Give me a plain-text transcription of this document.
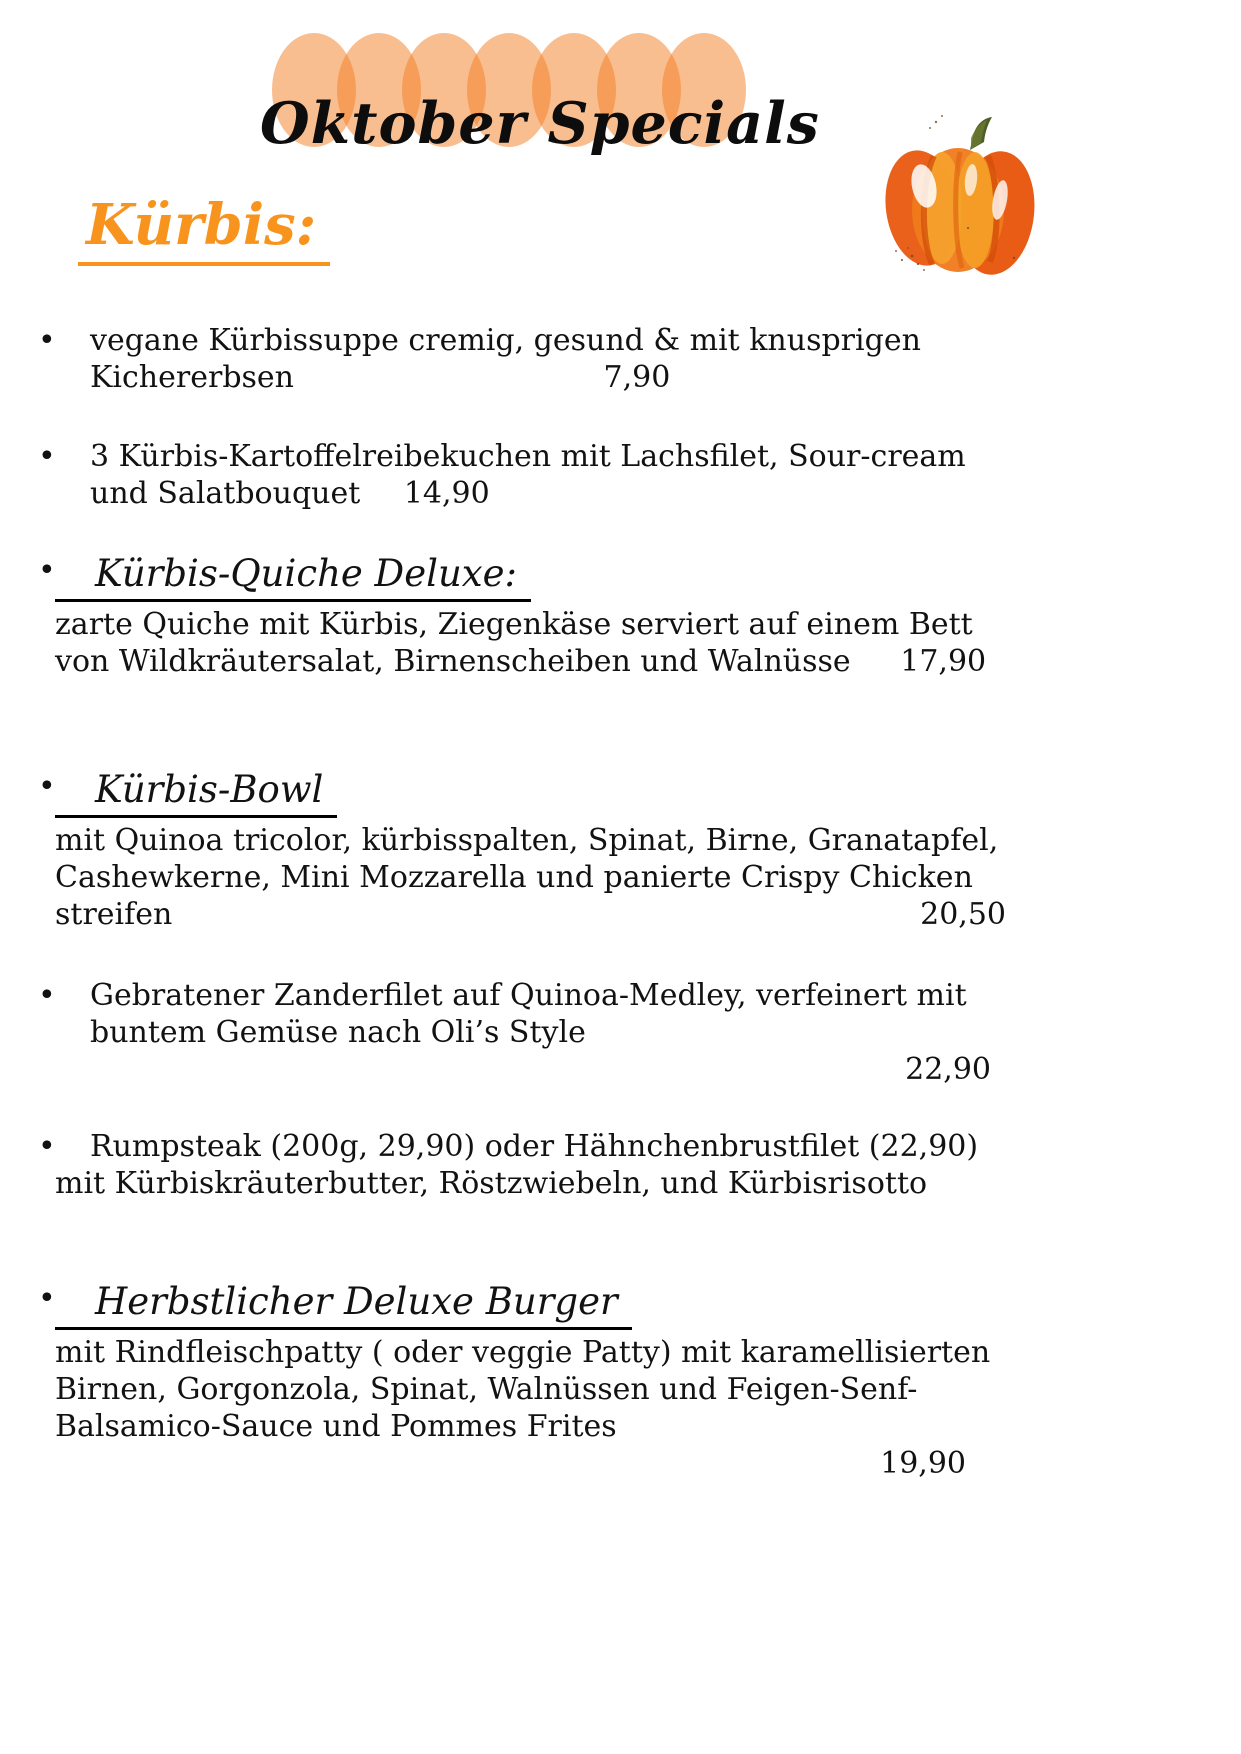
Oktober Specials
Kürbis:
• vegane Kürbissuppe cremig, gesund & mit knusprigen
Kichererbsen	7,90
• 3 Kürbis-Kartoffelreibekuchen mit Lachsfilet, Sour-cream
und Salatbouquet 14,90
•	Kürbis-Quiche Deluxe:
zarte Quiche mit Kürbis, Ziegenkäse serviert auf einem Bett
von Wildkräutersalat, Birnenscheiben und Walnüsse 17,90
•	Kürbis-Bowl
mit Quinoa tricolor, kürbisspalten, Spinat, Birne, Granatapfel,
Cashewkerne, Mini Mozzarella und panierte Crispy Chicken
streifen	20,50
• Gebratener Zanderfilet auf Quinoa-Medley, verfeinert mit
buntem Gemüse nach Oli’s Style
22,90
•	Rumpsteak (200g, 29,90) oder Hähnchenbrustfilet (22,90)
mit Kürbiskräuterbutter, Röstzwiebeln, und Kürbisrisotto
•	Herbstlicher Deluxe Burger
mit Rindfleischpatty ( oder veggie Patty) mit karamellisierten
Birnen, Gorgonzola, Spinat, Walnüssen und Feigen-Senf-
Balsamico-Sauce und Pommes Frites
19,90
